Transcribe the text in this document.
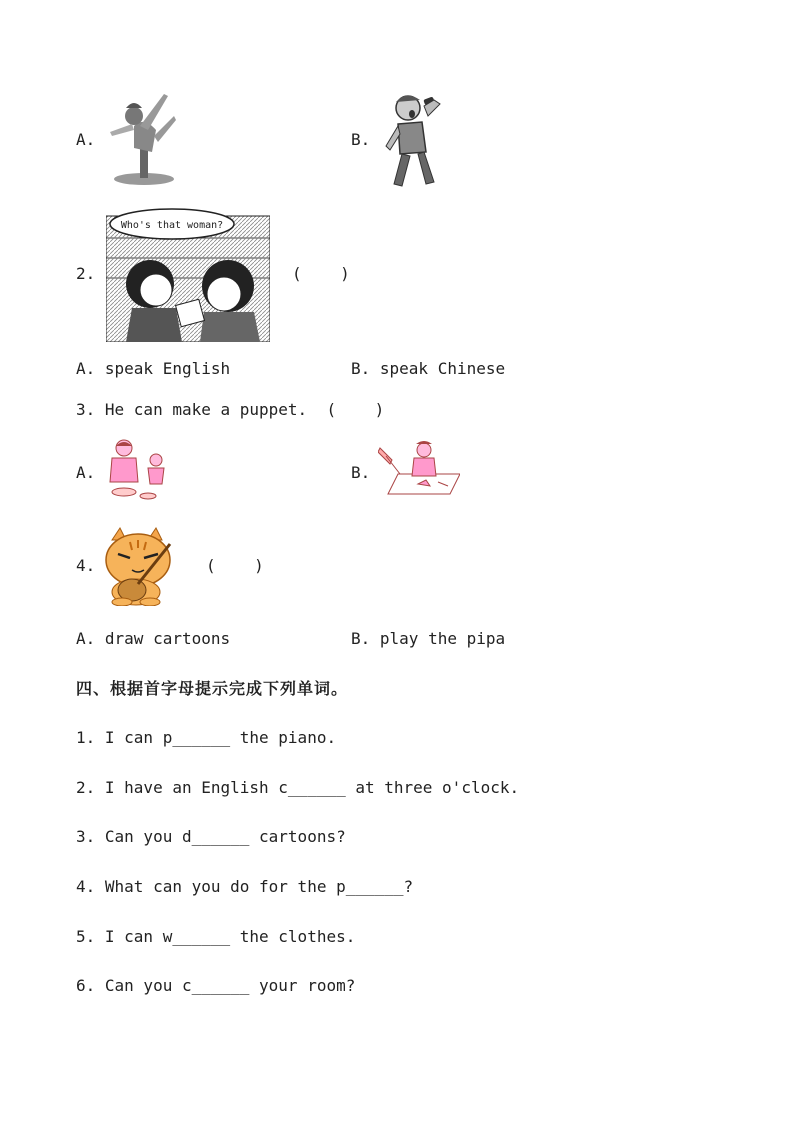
A.	B.
2.
Who's that woman?
(    )
A. speak English	B. speak Chinese
3. He can make a puppet.  (    )
A.	B.
4.	(    )
A. draw cartoons	B. play the pipa
四、根据首字母提示完成下列单词。
1. I can p______ the piano.
2. I have an English c______ at three o'clock.
3. Can you d______ cartoons?
4. What can you do for the p______?
5. I can w______ the clothes.
6. Can you c______ your room?
